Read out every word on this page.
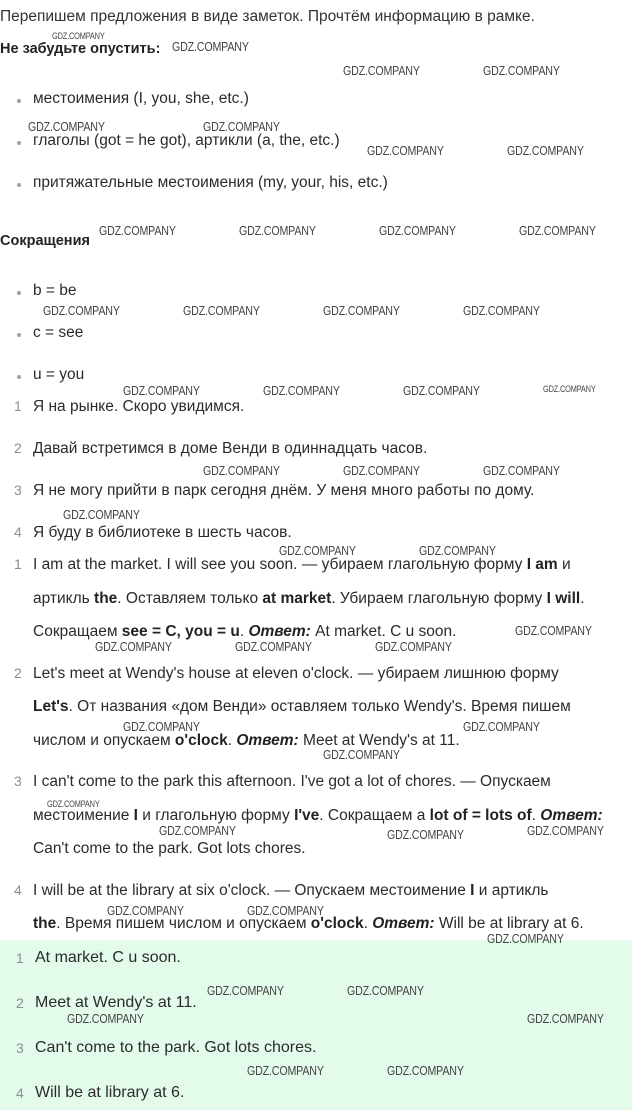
Перепишем предложения в виде заметок. Прочтём информацию в рамке.
Не забудьте опустить:
местоимения (I, you, she, etc.)
глаголы (got = he got), артикли (a, the, etc.)
притяжательные местоимения (my, your, his, etc.)
Сокращения
b = be
c = see
u = you
1 Я на рынке. Скоро увидимся.
2 Давай встретимся в доме Венди в одиннадцать часов.
3 Я не могу прийти в парк сегодня днём. У меня много работы по дому.
4 Я буду в библиотеке в шесть часов.
1 I am at the market. I will see you soon. — убираем глагольную форму I am и
артикль the. Оставляем только at market. Убираем глагольную форму I will.
Сокращаем see = C, you = u. Ответ: At market. C u soon.
2 Let's meet at Wendy's house at eleven o'clock. — убираем лишнюю форму
Let's. От названия «дом Венди» оставляем только Wendy's. Время пишем
числом и опускаем o'clock. Ответ: Meet at Wendy's at 11.
3 I can't come to the park this afternoon. I've got a lot of chores. — Опускаем
местоимение I и глагольную форму I've. Сокращаем а lot of = lots of. Ответ:
Can't come to the park. Got lots chores.
4 I will be at the library at six o'clock. — Опускаем местоимение I и артикль
the. Время пишем числом и опускаем o'clock. Ответ: Will be at library at 6.
1 At market. C u soon.
2 Meet at Wendy's at 11.
3 Can't come to the park. Got lots chores.
4 Will be at library at 6.
GDZ.COMPANY
GDZ.COMPANY
GDZ.COMPANY	GDZ.COMPANY
GDZ.COMPANY	GDZ.COMPANY
GDZ.COMPANY	GDZ.COMPANY
GDZ.COMPANY	GDZ.COMPANY	GDZ.COMPANY	GDZ.COMPANY
GDZ.COMPANY	GDZ.COMPANY	GDZ.COMPANY	GDZ.COMPANY
GDZ.COMPANY	GDZ.COMPANY	GDZ.COMPANY	GDZ.COMPANY
GDZ.COMPANY	GDZ.COMPANY	GDZ.COMPANY
GDZ.COMPANY
GDZ.COMPANY	GDZ.COMPANY
GDZ.COMPANY
GDZ.COMPANY	GDZ.COMPANY	GDZ.COMPANY
GDZ.COMPANY	GDZ.COMPANY
GDZ.COMPANY
GDZ.COMPANY
GDZ.COMPANY	GDZ.COMPANY	GDZ.COMPANY
GDZ.COMPANY	GDZ.COMPANY
GDZ.COMPANY
GDZ.COMPANY	GDZ.COMPANY
GDZ.COMPANY	GDZ.COMPANY
GDZ.COMPANY	GDZ.COMPANY
